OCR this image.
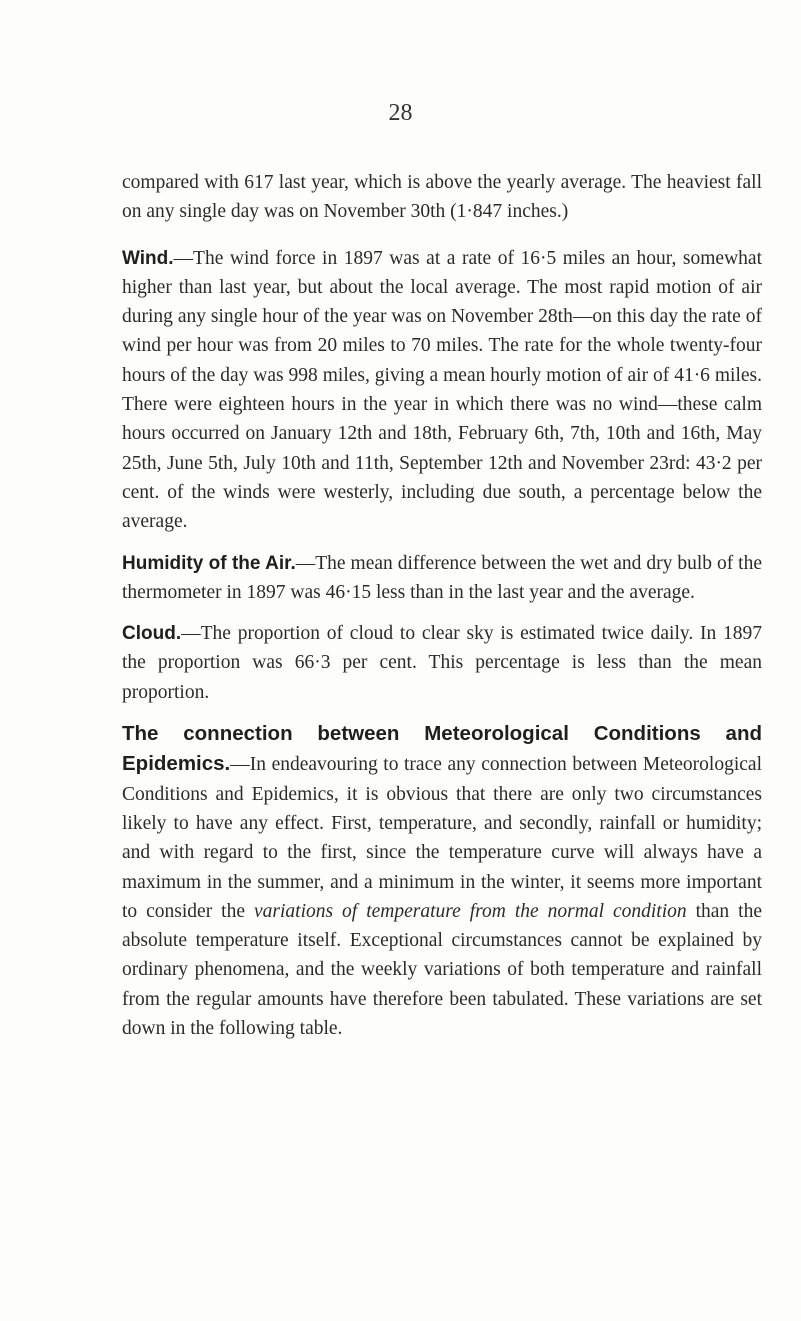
28

compared with 617 last year, which is above the yearly average. The heaviest fall on any single day was on November 30th (1·847 inches.)

Wind.—The wind force in 1897 was at a rate of 16·5 miles an hour, somewhat higher than last year, but about the local average. The most rapid motion of air during any single hour of the year was on November 28th—on this day the rate of wind per hour was from 20 miles to 70 miles. The rate for the whole twenty-four hours of the day was 998 miles, giving a mean hourly motion of air of 41·6 miles. There were eighteen hours in the year in which there was no wind—these calm hours occurred on January 12th and 18th, February 6th, 7th, 10th and 16th, May 25th, June 5th, July 10th and 11th, September 12th and November 23rd: 43·2 per cent. of the winds were westerly, including due south, a percentage below the average.

Humidity of the Air.—The mean difference between the wet and dry bulb of the thermometer in 1897 was 46·15 less than in the last year and the average.

Cloud.—The proportion of cloud to clear sky is estimated twice daily. In 1897 the proportion was 66·3 per cent. This percentage is less than the mean proportion.

The connection between Meteorological Conditions and Epidemics.—In endeavouring to trace any connection between Meteorological Conditions and Epidemics, it is obvious that there are only two circumstances likely to have any effect. First, temperature, and secondly, rainfall or humidity; and with regard to the first, since the temperature curve will always have a maximum in the summer, and a minimum in the winter, it seems more important to consider the variations of temperature from the normal condition than the absolute temperature itself. Exceptional circumstances cannot be explained by ordinary phenomena, and the weekly variations of both temperature and rainfall from the regular amounts have therefore been tabulated. These variations are set down in the following table.
